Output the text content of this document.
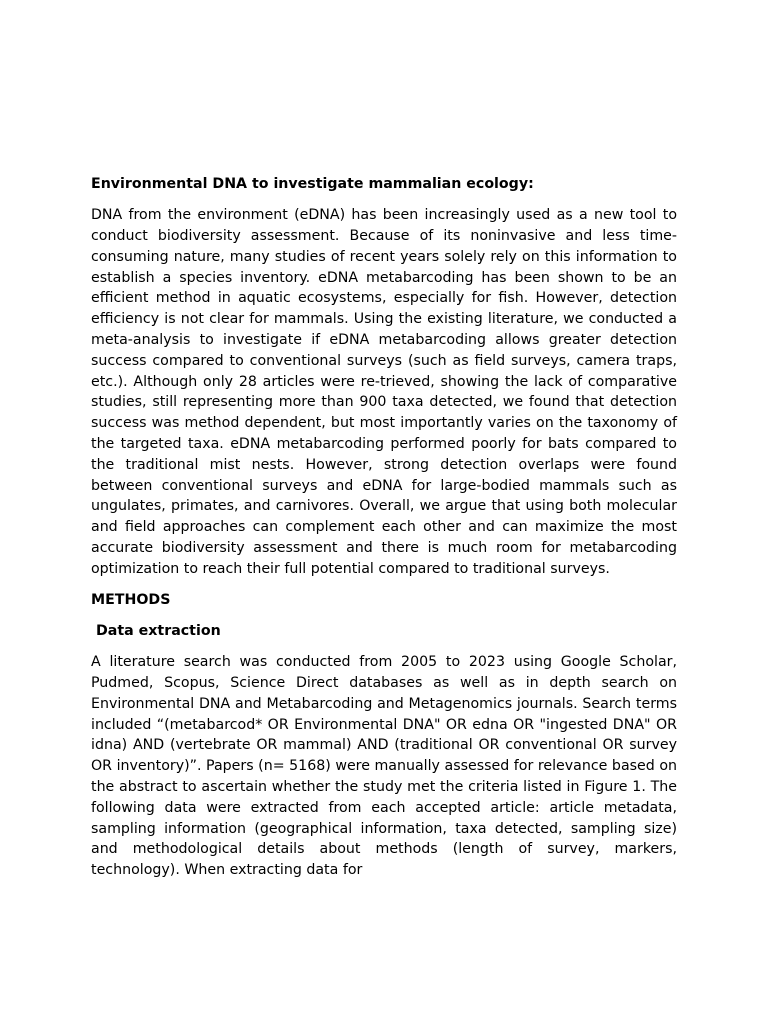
Environmental DNA to investigate mammalian ecology:

DNA from the environment (eDNA) has been increasingly used as a new tool to conduct biodiversity assessment. Because of its noninvasive and less time-consuming nature, many studies of recent years solely rely on this information to establish a species inventory. eDNA metabarcoding has been shown to be an efficient method in aquatic ecosystems, especially for fish. However, detection efficiency is not clear for mammals. Using the existing literature, we conducted a meta-analysis to investigate if eDNA metabarcoding allows greater detection success compared to conventional surveys (such as field surveys, camera traps, etc.). Although only 28 articles were re-trieved, showing the lack of comparative studies, still representing more than 900 taxa detected, we found that detection success was method dependent, but most importantly varies on the taxonomy of the targeted taxa. eDNA metabarcoding performed poorly for bats compared to the traditional mist nests. However, strong detection overlaps were found between conventional surveys and eDNA for large-bodied mammals such as ungulates, primates, and carnivores. Overall, we argue that using both molecular and field approaches can complement each other and can maximize the most accurate biodiversity assessment and there is much room for metabarcoding optimization to reach their full potential compared to traditional surveys.

METHODS

Data extraction

A literature search was conducted from 2005 to 2023 using Google Scholar, Pudmed, Scopus, Science Direct databases as well as in depth search on Environmental DNA and Metabarcoding and Metagenomics journals. Search terms included “(metabarcod* OR Environmental DNA" OR edna OR "ingested DNA" OR idna) AND (vertebrate OR mammal) AND (traditional OR conventional OR survey OR inventory)”. Papers (n= 5168) were manually assessed for relevance based on the abstract to ascertain whether the study met the criteria listed in Figure 1. The following data were extracted from each accepted article: article metadata, sampling information (geographical information, taxa detected, sampling size) and methodological details about methods (length of survey, markers, technology). When extracting data for
